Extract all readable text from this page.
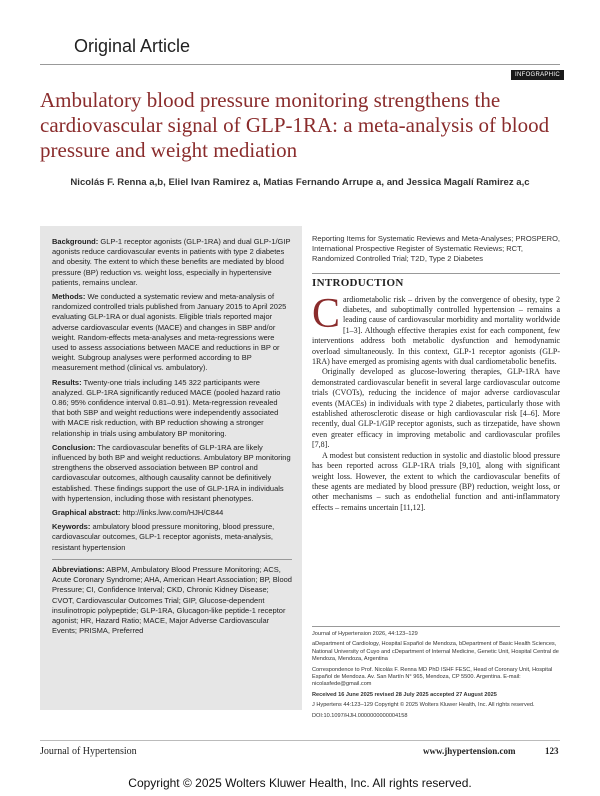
Original Article
INFOGRAPHIC
Ambulatory blood pressure monitoring strengthens the cardiovascular signal of GLP-1RA: a meta-analysis of blood pressure and weight mediation
Nicolás F. Renna a,b, Eliel Ivan Ramirez a, Matias Fernando Arrupe a, and Jessica Magalí Ramirez a,c

Background: GLP-1 receptor agonists (GLP-1RA) and dual GLP-1/GIP agonists reduce cardiovascular events in patients with type 2 diabetes and obesity. The extent to which these benefits are mediated by blood pressure (BP) reduction vs. weight loss, especially in hypertensive patients, remains unclear.

Methods: We conducted a systematic review and meta-analysis of randomized controlled trials published from January 2015 to April 2025 evaluating GLP-1RA or dual agonists. Eligible trials reported major adverse cardiovascular events (MACE) and changes in SBP and/or weight. Random-effects meta-analyses and meta-regressions were used to assess associations between MACE and reductions in BP or weight. Subgroup analyses were performed according to BP measurement method (clinical vs. ambulatory).

Results: Twenty-one trials including 145 322 participants were analyzed. GLP-1RA significantly reduced MACE (pooled hazard ratio 0.86; 95% confidence interval 0.81–0.91). Meta-regression revealed that both SBP and weight reductions were independently associated with MACE risk reduction, with BP reduction showing a stronger relationship in trials using ambulatory BP monitoring.

Conclusion: The cardiovascular benefits of GLP-1RA are likely influenced by both BP and weight reductions. Ambulatory BP monitoring strengthens the observed association between BP control and cardiovascular outcomes, although causality cannot be definitively established. These findings support the use of GLP-1RA in individuals with hypertension, including those with resistant phenotypes.

Graphical abstract: http://links.lww.com/HJH/C844

Keywords: ambulatory blood pressure monitoring, blood pressure, cardiovascular outcomes, GLP-1 receptor agonists, meta-analysis, resistant hypertension

Abbreviations: ABPM, Ambulatory Blood Pressure Monitoring; ACS, Acute Coronary Syndrome; AHA, American Heart Association; BP, Blood Pressure; CI, Confidence Interval; CKD, Chronic Kidney Disease; CVOT, Cardiovascular Outcomes Trial; GIP, Glucose-dependent insulinotropic polypeptide; GLP-1RA, Glucagon-like peptide-1 receptor agonist; HR, Hazard Ratio; MACE, Major Adverse Cardiovascular Events; PRISMA, Preferred

Reporting Items for Systematic Reviews and Meta-Analyses; PROSPERO, International Prospective Register of Systematic Reviews; RCT, Randomized Controlled Trial; T2D, Type 2 Diabetes
INTRODUCTION

Cardiometabolic risk – driven by the convergence of obesity, type 2 diabetes, and suboptimally controlled hypertension – remains a leading cause of cardiovascular morbidity and mortality worldwide [1–3]. Although effective therapies exist for each component, few interventions address both metabolic dysfunction and hemodynamic overload simultaneously. In this context, GLP-1 receptor agonists (GLP-1RA) have emerged as promising agents with dual cardiometabolic benefits.

Originally developed as glucose-lowering therapies, GLP-1RA have demonstrated cardiovascular benefit in several large cardiovascular outcome trials (CVOTs), reducing the incidence of major adverse cardiovascular events (MACEs) in individuals with type 2 diabetes, particularly those with established atherosclerotic disease or high cardiovascular risk [4–6]. More recently, dual GLP-1/GIP receptor agonists, such as tirzepatide, have shown even greater efficacy in improving metabolic and cardiovascular profiles [7,8].

A modest but consistent reduction in systolic and diastolic blood pressure has been reported across GLP-1RA trials [9,10], along with significant weight loss. However, the extent to which the cardiovascular benefits of these agents are mediated by blood pressure (BP) reduction, weight loss, or other mechanisms – such as endothelial function and anti-inflammatory effects – remains uncertain [11,12].

Journal of Hypertension 2026, 44:123–129

aDepartment of Cardiology, Hospital Español de Mendoza, bDepartment of Basic Health Sciences, National University of Cuyo and cDepartment of Internal Medicine, Genetic Unit, Hospital Central de Mendoza, Mendoza, Argentina

Correspondence to Prof. Nicolás F. Renna MD PhD ISHF FESC, Head of Coronary Unit, Hospital Español de Mendoza. Av. San Martín N° 965, Mendoza, CP 5500. Argentina. E-mail: nicolasfede@gmail.com

Received 16 June 2025 revised 28 July 2025 accepted 27 August 2025

J Hypertens 44:123–129 Copyright © 2025 Wolters Kluwer Health, Inc. All rights reserved.

DOI:10.1097/HJH.0000000000004158

Journal of Hypertension	www.jhypertension.com	123
Copyright © 2025 Wolters Kluwer Health, Inc. All rights reserved.
